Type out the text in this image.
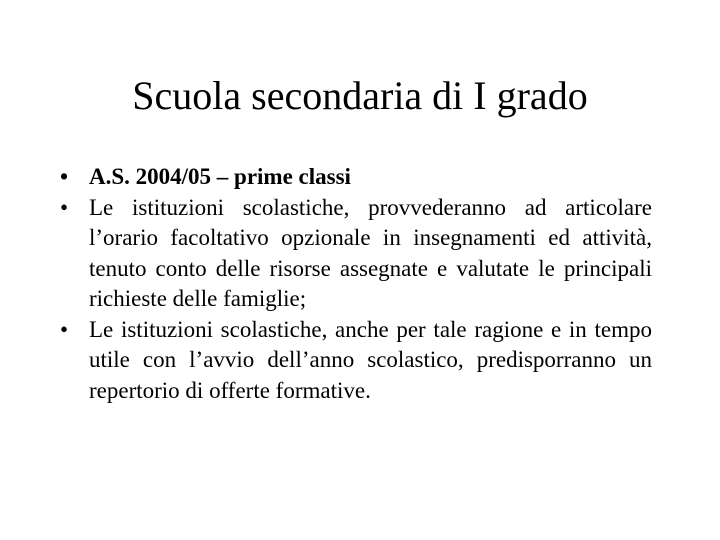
Scuola secondaria di I grado
• A.S. 2004/05 – prime classi
• Le istituzioni scolastiche, provvederanno ad articolare l’orario facoltativo opzionale in insegnamenti ed attività, tenuto conto delle risorse assegnate e valutate le principali richieste delle famiglie;
• Le istituzioni scolastiche, anche per tale ragione e in tempo utile con l’avvio dell’anno scolastico, predisporranno un repertorio di offerte formative.
